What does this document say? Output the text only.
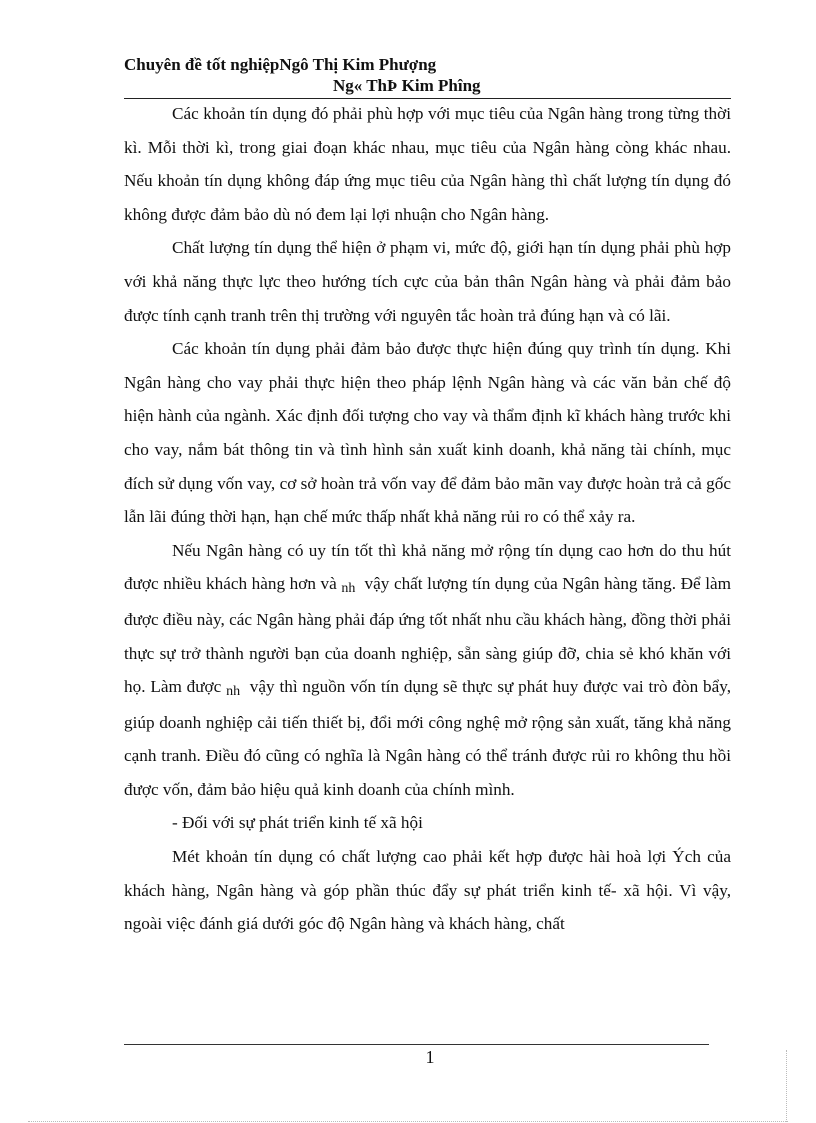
Chuyên đề tốt nghiệpNgô Thị Kim Phượng
Ng« ThÞ Kim Phîng

Các khoản tín dụng đó phải phù hợp với mục tiêu của Ngân hàng trong từng thời kì. Mỗi thời kì, trong giai đoạn khác nhau, mục tiêu của Ngân hàng còng khác nhau. Nếu khoản tín dụng không đáp ứng mục tiêu của Ngân hàng thì chất lượng tín dụng đó không được đảm bảo dù nó đem lại lợi nhuận cho Ngân hàng.

Chất lượng tín dụng thể hiện ở phạm vi, mức độ, giới hạn tín dụng phải phù hợp với khả năng thực lực theo hướng tích cực của bản thân Ngân hàng và phải đảm bảo được tính cạnh tranh trên thị trường với nguyên tắc hoàn trả đúng hạn và có lãi.

Các khoản tín dụng phải đảm bảo được thực hiện đúng quy trình tín dụng. Khi Ngân hàng cho vay phải thực hiện theo pháp lệnh Ngân hàng và các văn bản chế độ hiện hành của ngành. Xác định đối tượng cho vay và thẩm định kĩ khách hàng trước khi cho vay, nắm bát thông tin và tình hình sản xuất kinh doanh, khả năng tài chính, mục đích sử dụng vốn vay, cơ sở hoàn trả vốn vay để đảm bảo mãn vay được hoàn trả cả gốc lẫn lãi đúng thời hạn, hạn chế mức thấp nhất khả năng rủi ro có thể xảy ra.

Nếu Ngân hàng có uy tín tốt thì khả năng mở rộng tín dụng cao hơn do thu hút được nhiều khách hàng hơn và nh vậy chất lượng tín dụng của Ngân hàng tăng. Để làm được điều này, các Ngân hàng phải đáp ứng tốt nhất nhu cầu khách hàng, đồng thời phải thực sự trở thành người bạn của doanh nghiệp, sẵn sàng giúp đỡ, chia sẻ khó khăn với họ. Làm được nh vậy thì nguồn vốn tín dụng sẽ thực sự phát huy được vai trò đòn bẩy, giúp doanh nghiệp cải tiến thiết bị, đổi mới công nghệ mở rộng sản xuất, tăng khả năng cạnh tranh. Điều đó cũng có nghĩa là Ngân hàng có thể tránh được rủi ro không thu hồi được vốn, đảm bảo hiệu quả kinh doanh của chính mình.

- Đối với sự phát triển kinh tế xã hội

Mét khoản tín dụng có chất lượng cao phải kết hợp được hài hoà lợi Ých của khách hàng, Ngân hàng và góp phần thúc đẩy sự phát triển kinh tế- xã hội. Vì vậy, ngoài việc đánh giá dưới góc độ Ngân hàng và khách hàng, chất

1
